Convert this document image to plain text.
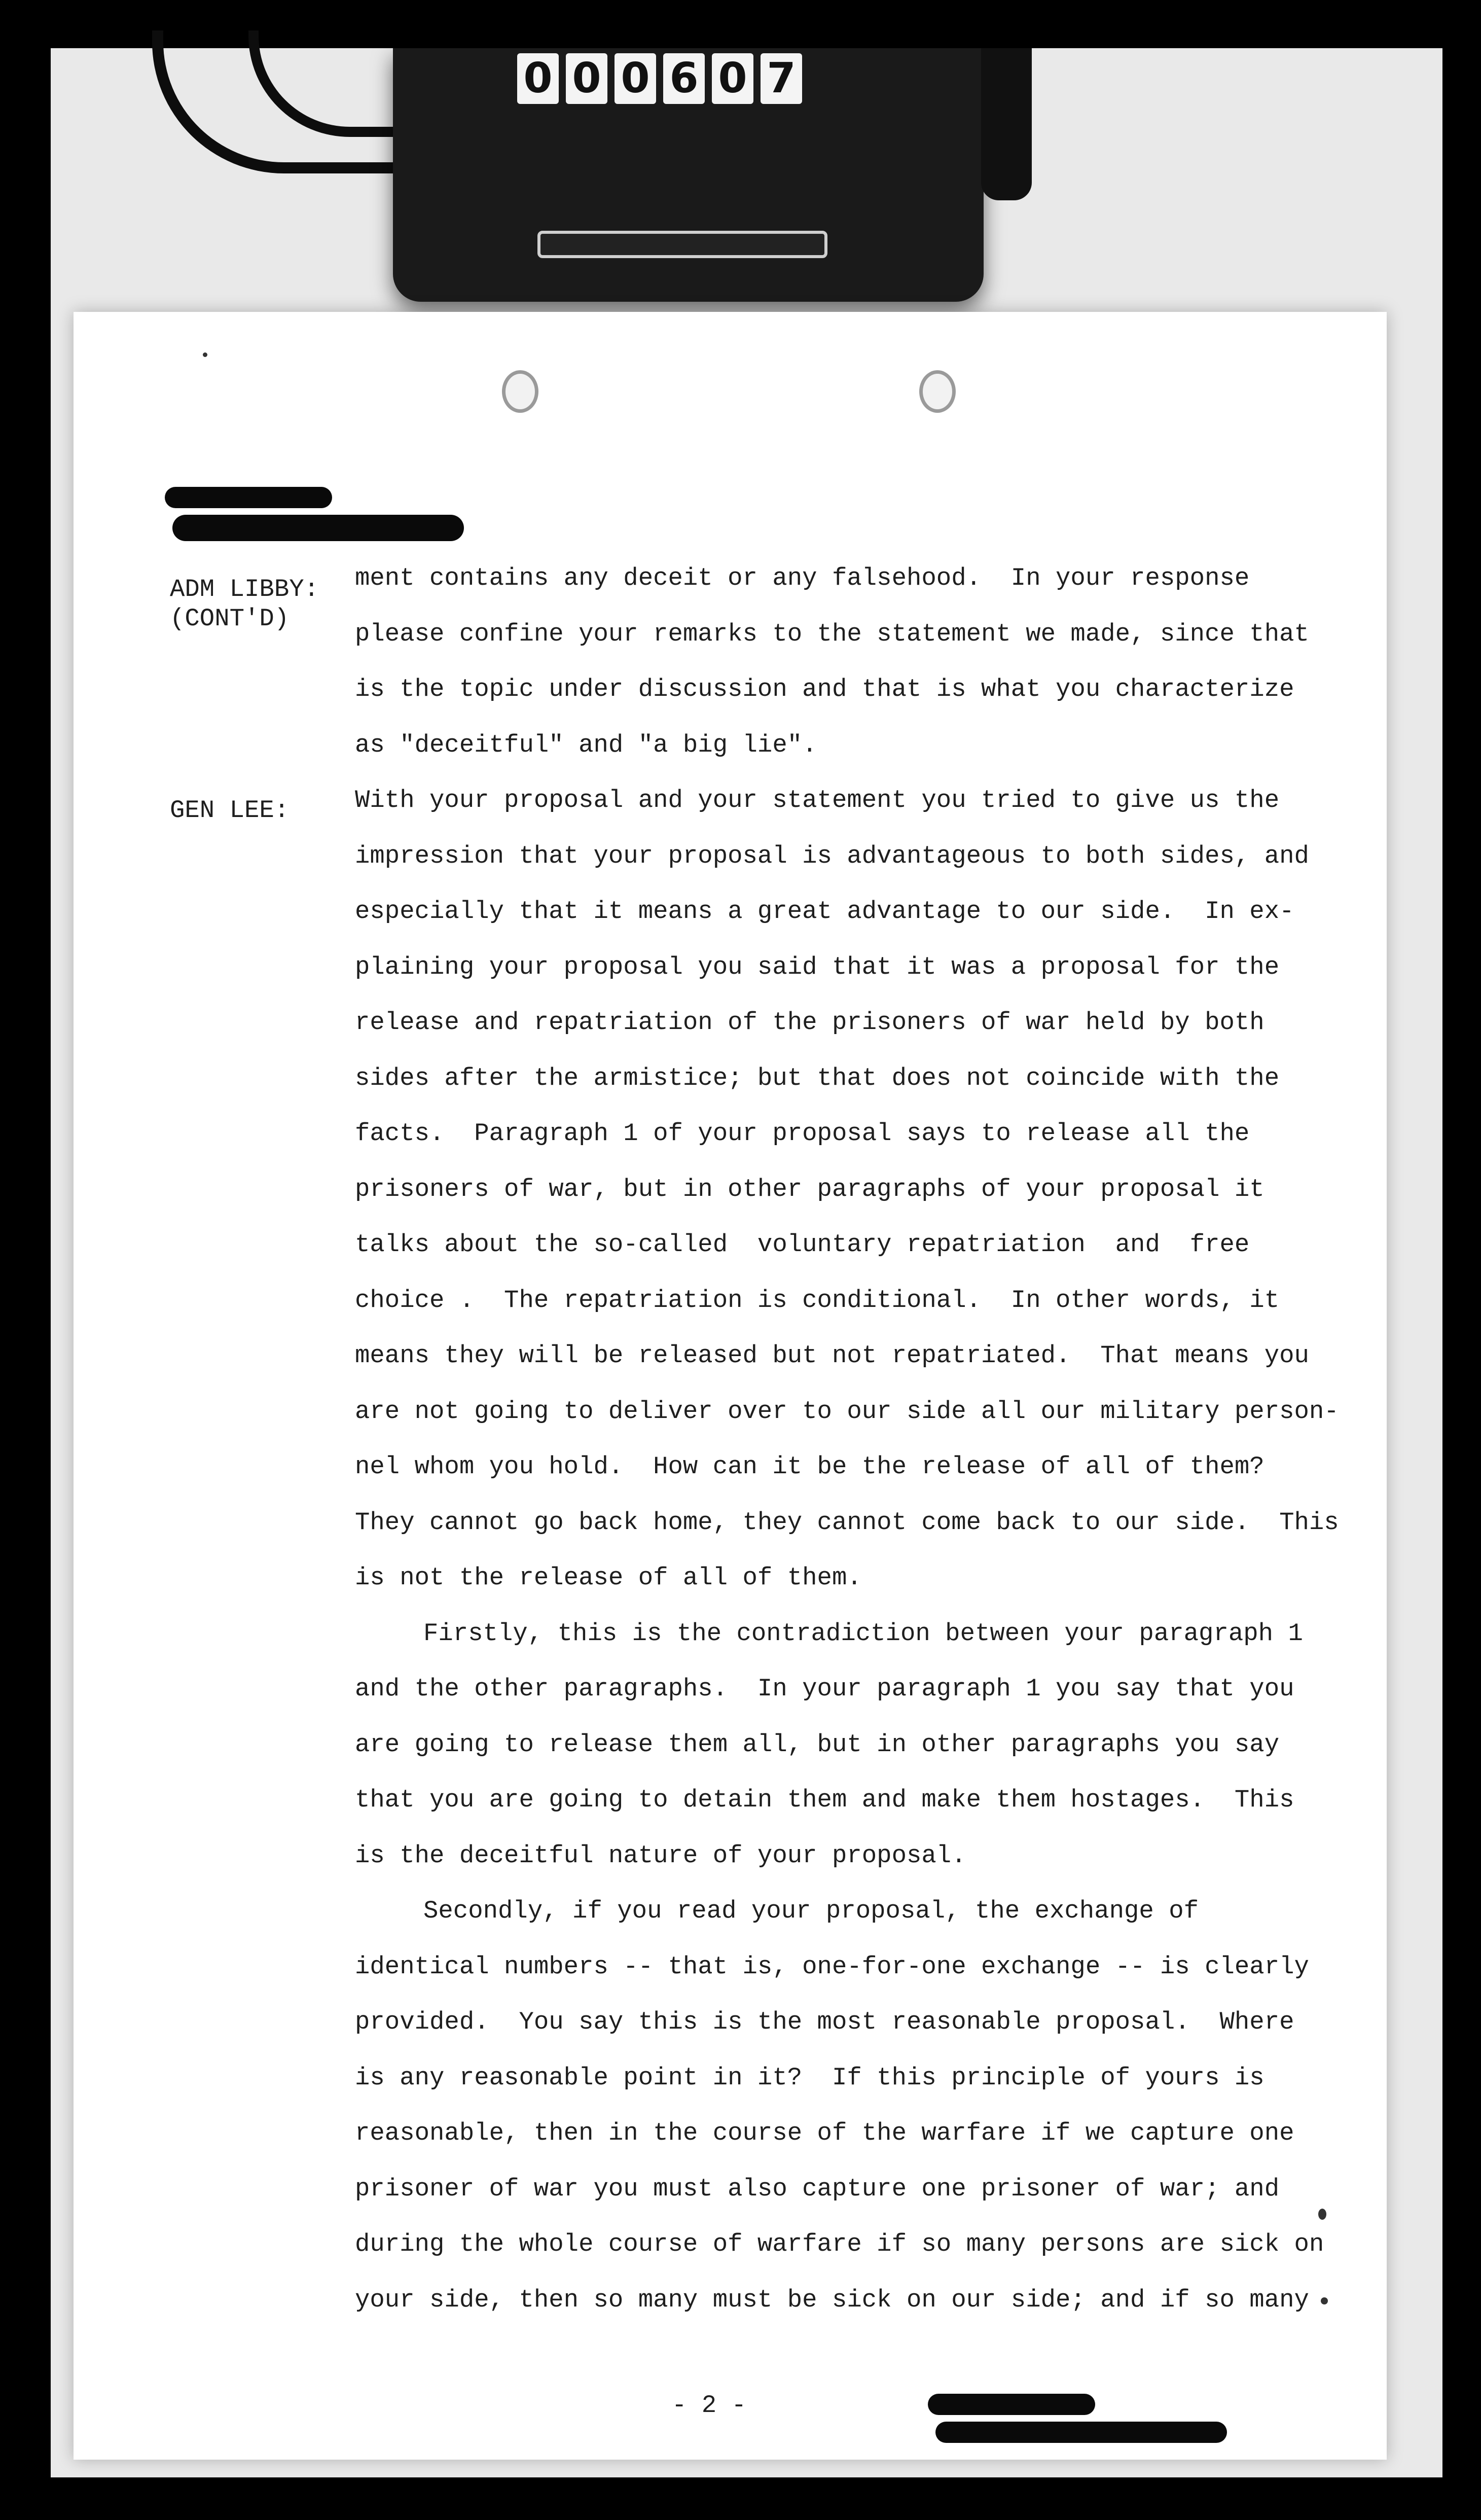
0 0 0 6 0 7
ADM LIBBY:
(CONT'D)
GEN LEE:
- 2 -
ment contains any deceit or any falsehood.  In your response
please confine your remarks to the statement we made, since that
is the topic under discussion and that is what you characterize
as "deceitful" and "a big lie".
With your proposal and your statement you tried to give us the
impression that your proposal is advantageous to both sides, and
especially that it means a great advantage to our side.  In ex-
plaining your proposal you said that it was a proposal for the
release and repatriation of the prisoners of war held by both
sides after the armistice; but that does not coincide with the
facts.  Paragraph 1 of your proposal says to release all the
prisoners of war, but in other paragraphs of your proposal it
talks about the so-called  voluntary repatriation  and  free
choice .  The repatriation is conditional.  In other words, it
means they will be released but not repatriated.  That means you
are not going to deliver over to our side all our military person-
nel whom you hold.  How can it be the release of all of them?
They cannot go back home, they cannot come back to our side.  This
is not the release of all of them.
Firstly, this is the contradiction between your paragraph 1
and the other paragraphs.  In your paragraph 1 you say that you
are going to release them all, but in other paragraphs you say
that you are going to detain them and make them hostages.  This
is the deceitful nature of your proposal.
Secondly, if you read your proposal, the exchange of
identical numbers -- that is, one-for-one exchange -- is clearly
provided.  You say this is the most reasonable proposal.  Where
is any reasonable point in it?  If this principle of yours is
reasonable, then in the course of the warfare if we capture one
prisoner of war you must also capture one prisoner of war; and
during the whole course of warfare if so many persons are sick on
your side, then so many must be sick on our side; and if so many
